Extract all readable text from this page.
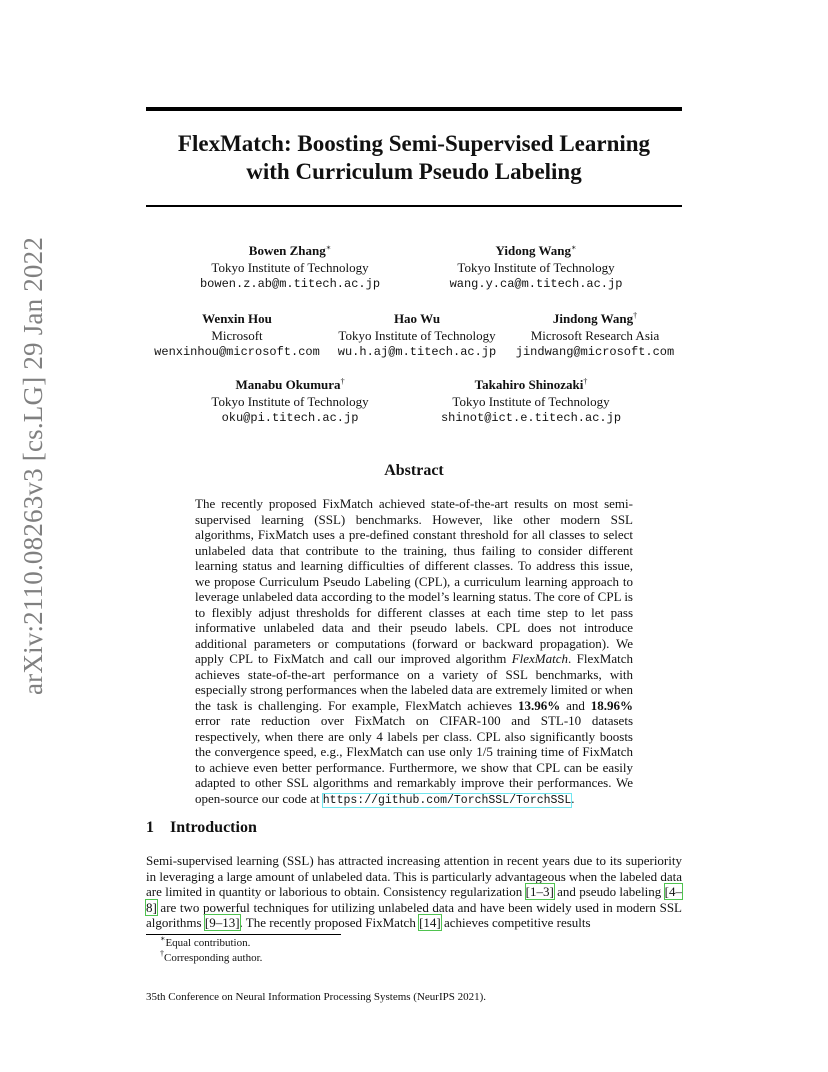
arXiv:2110.08263v3 [cs.LG] 29 Jan 2022
FlexMatch: Boosting Semi-Supervised Learning
with Curriculum Pseudo Labeling
Bowen Zhang∗
Tokyo Institute of Technology
bowen.z.ab@m.titech.ac.jp
Yidong Wang∗
Tokyo Institute of Technology
wang.y.ca@m.titech.ac.jp
Wenxin Hou
Microsoft
wenxinhou@microsoft.com
Hao Wu
Tokyo Institute of Technology
wu.h.aj@m.titech.ac.jp
Jindong Wang†
Microsoft Research Asia
jindwang@microsoft.com
Manabu Okumura†
Tokyo Institute of Technology
oku@pi.titech.ac.jp
Takahiro Shinozaki†
Tokyo Institute of Technology
shinot@ict.e.titech.ac.jp
Abstract
The recently proposed FixMatch achieved state-of-the-art results on most semi-supervised learning (SSL) benchmarks. However, like other modern SSL algorithms, FixMatch uses a pre-defined constant threshold for all classes to select unlabeled data that contribute to the training, thus failing to consider different learning status and learning difficulties of different classes. To address this issue, we propose Curriculum Pseudo Labeling (CPL), a curriculum learning approach to leverage unlabeled data according to the model’s learning status. The core of CPL is to flexibly adjust thresholds for different classes at each time step to let pass informative unlabeled data and their pseudo labels. CPL does not introduce additional parameters or computations (forward or backward propagation). We apply CPL to FixMatch and call our improved algorithm FlexMatch. FlexMatch achieves state-of-the-art performance on a variety of SSL benchmarks, with especially strong performances when the labeled data are extremely limited or when the task is challenging. For example, FlexMatch achieves 13.96% and 18.96% error rate reduction over FixMatch on CIFAR-100 and STL-10 datasets respectively, when there are only 4 labels per class. CPL also significantly boosts the convergence speed, e.g., FlexMatch can use only 1/5 training time of FixMatch to achieve even better performance. Furthermore, we show that CPL can be easily adapted to other SSL algorithms and remarkably improve their performances. We open-source our code at https://github.com/TorchSSL/TorchSSL.
1 Introduction
Semi-supervised learning (SSL) has attracted increasing attention in recent years due to its superiority in leveraging a large amount of unlabeled data. This is particularly advantageous when the labeled data are limited in quantity or laborious to obtain. Consistency regularization [1–3] and pseudo labeling [4–8] are two powerful techniques for utilizing unlabeled data and have been widely used in modern SSL algorithms [9–13]. The recently proposed FixMatch [14] achieves competitive results
∗Equal contribution.
†Corresponding author.
35th Conference on Neural Information Processing Systems (NeurIPS 2021).
